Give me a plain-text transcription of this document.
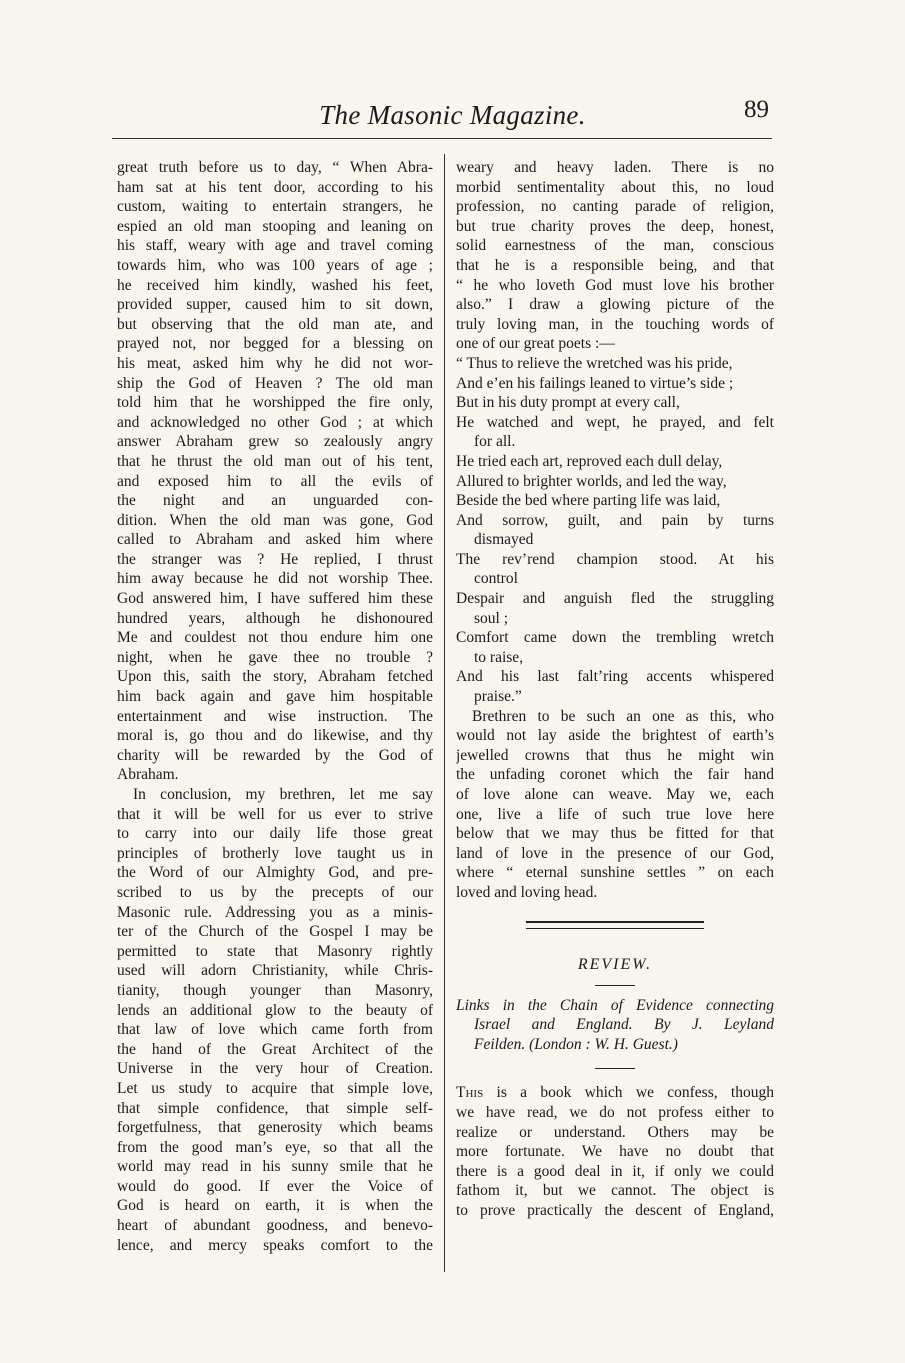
The Masonic Magazine.	89
great truth before us to day, “ When Abra-
ham sat at his tent door, according to his
custom, waiting to entertain strangers, he
espied an old man stooping and leaning on
his staff, weary with age and travel coming
towards him, who was 100 years of age ;
he received him kindly, washed his feet,
provided supper, caused him to sit down,
but observing that the old man ate, and
prayed not, nor begged for a blessing on
his meat, asked him why he did not wor-
ship the God of Heaven ? The old man
told him that he worshipped the fire only,
and acknowledged no other God ; at which
answer Abraham grew so zealously angry
that he thrust the old man out of his tent,
and exposed him to all the evils of
the night and an unguarded con-
dition. When the old man was gone, God
called to Abraham and asked him where
the stranger was ? He replied, I thrust
him away because he did not worship Thee.
God answered him, I have suffered him these
hundred years, although he dishonoured
Me and couldest not thou endure him one
night, when he gave thee no trouble ?
Upon this, saith the story, Abraham fetched
him back again and gave him hospitable
entertainment and wise instruction. The
moral is, go thou and do likewise, and thy
charity will be rewarded by the God of
Abraham.
In conclusion, my brethren, let me say
that it will be well for us ever to strive
to carry into our daily life those great
principles of brotherly love taught us in
the Word of our Almighty God, and pre-
scribed to us by the precepts of our
Masonic rule. Addressing you as a minis-
ter of the Church of the Gospel I may be
permitted to state that Masonry rightly
used will adorn Christianity, while Chris-
tianity, though younger than Masonry,
lends an additional glow to the beauty of
that law of love which came forth from
the hand of the Great Architect of the
Universe in the very hour of Creation.
Let us study to acquire that simple love,
that simple confidence, that simple self-
forgetfulness, that generosity which beams
from the good man’s eye, so that all the
world may read in his sunny smile that he
would do good. If ever the Voice of
God is heard on earth, it is when the
heart of abundant goodness, and benevo-
lence, and mercy speaks comfort to the
weary and heavy laden. There is no
morbid sentimentality about this, no loud
profession, no canting parade of religion,
but true charity proves the deep, honest,
solid earnestness of the man, conscious
that he is a responsible being, and that
“ he who loveth God must love his brother
also.” I draw a glowing picture of the
truly loving man, in the touching words of
one of our great poets :—
“ Thus to relieve the wretched was his pride,
And e’en his failings leaned to virtue’s side ;
But in his duty prompt at every call,
He watched and wept, he prayed, and felt
for all.
He tried each art, reproved each dull delay,
Allured to brighter worlds, and led the way,
Beside the bed where parting life was laid,
And sorrow, guilt, and pain by turns
dismayed
The rev’rend champion stood. At his
control
Despair and anguish fled the struggling
soul ;
Comfort came down the trembling wretch
to raise,
And his last falt’ring accents whispered
praise.”
Brethren to be such an one as this, who
would not lay aside the brightest of earth’s
jewelled crowns that thus he might win
the unfading coronet which the fair hand
of love alone can weave. May we, each
one, live a life of such true love here
below that we may thus be fitted for that
land of love in the presence of our God,
where “ eternal sunshine settles ” on each
loved and loving head.
REVIEW.
Links in the Chain of Evidence connecting
Israel and England. By J. Leyland
Feilden. (London : W. H. Guest.)
This is a book which we confess, though
we have read, we do not profess either to
realize or understand. Others may be
more fortunate. We have no doubt that
there is a good deal in it, if only we could
fathom it, but we cannot. The object is
to prove practically the descent of England,
